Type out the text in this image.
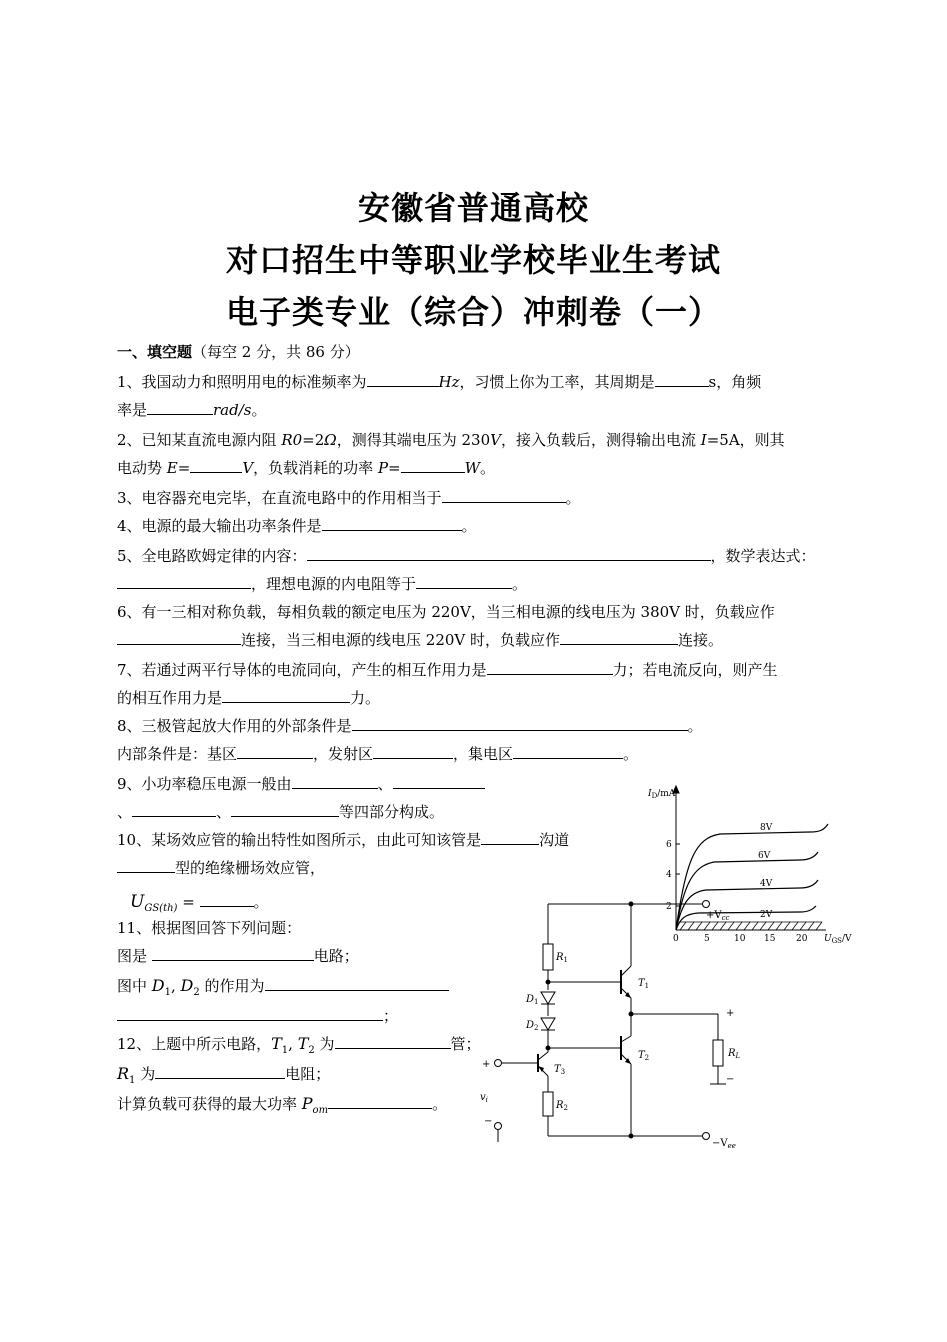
安徽省普通高校
对口招生中等职业学校毕业生考试
电子类专业（综合）冲刺卷（一）
一、填空题（每空 2 分，共 86 分）
1、我国动力和照明用电的标准频率为	Hz，习惯上你为工率，其周期是	s，角频
率是	rad/s。
2、已知某直流电源内阻 R0=2Ω，测得其端电压为 230V，接入负载后，测得输出电流 I=5A，则其
电动势 E=	V，负载消耗的功率 P=	W。
3、电容器充电完毕，在直流电路中的作用相当于	。
4、电源的最大输出功率条件是	。
5、全电路欧姆定律的内容：	，数学表达式：
，理想电源的内电阻等于	。
6、有一三相对称负载，每相负载的额定电压为 220V，当三相电源的线电压为 380V 时，负载应作
连接，当三相电源的线电压 220V 时，负载应作	连接。
7、若通过两平行导体的电流同向，产生的相互作用力是	力；若电流反向，则产生
的相互作用力是	力。
8、三极管起放大作用的外部条件是	。
内部条件是：基区	，发射区	，集电区	。
9、小功率稳压电源一般由	、
、	、	等四部分构成。
10、某场效应管的输出特性如图所示，由此可知该管是	沟道
型的绝缘栅场效应管，
$U_{GS(th)}$ =	。
11、根据图回答下列问题：
图是	电路；
图中 $D_1$, $D_2$ 的作用为
；
12、上题中所示电路，$T_1$, $T_2$ 为	管；
$R_1$ 为	电阻；
计算负载可获得的最大功率 $P_{om}$	。
$I_D/mA$
2
4
6
0	5	10 15 20 $U_{GS}/V$
8V
6V
4V
2V
$+V_{cc}$
$-V_{ee}$
$R_1$
$R_2$
$R_L$
$D_1$
$D_2$
$T_1$
$T_2$
$T_3$
$v_i$
+
−
+
−
